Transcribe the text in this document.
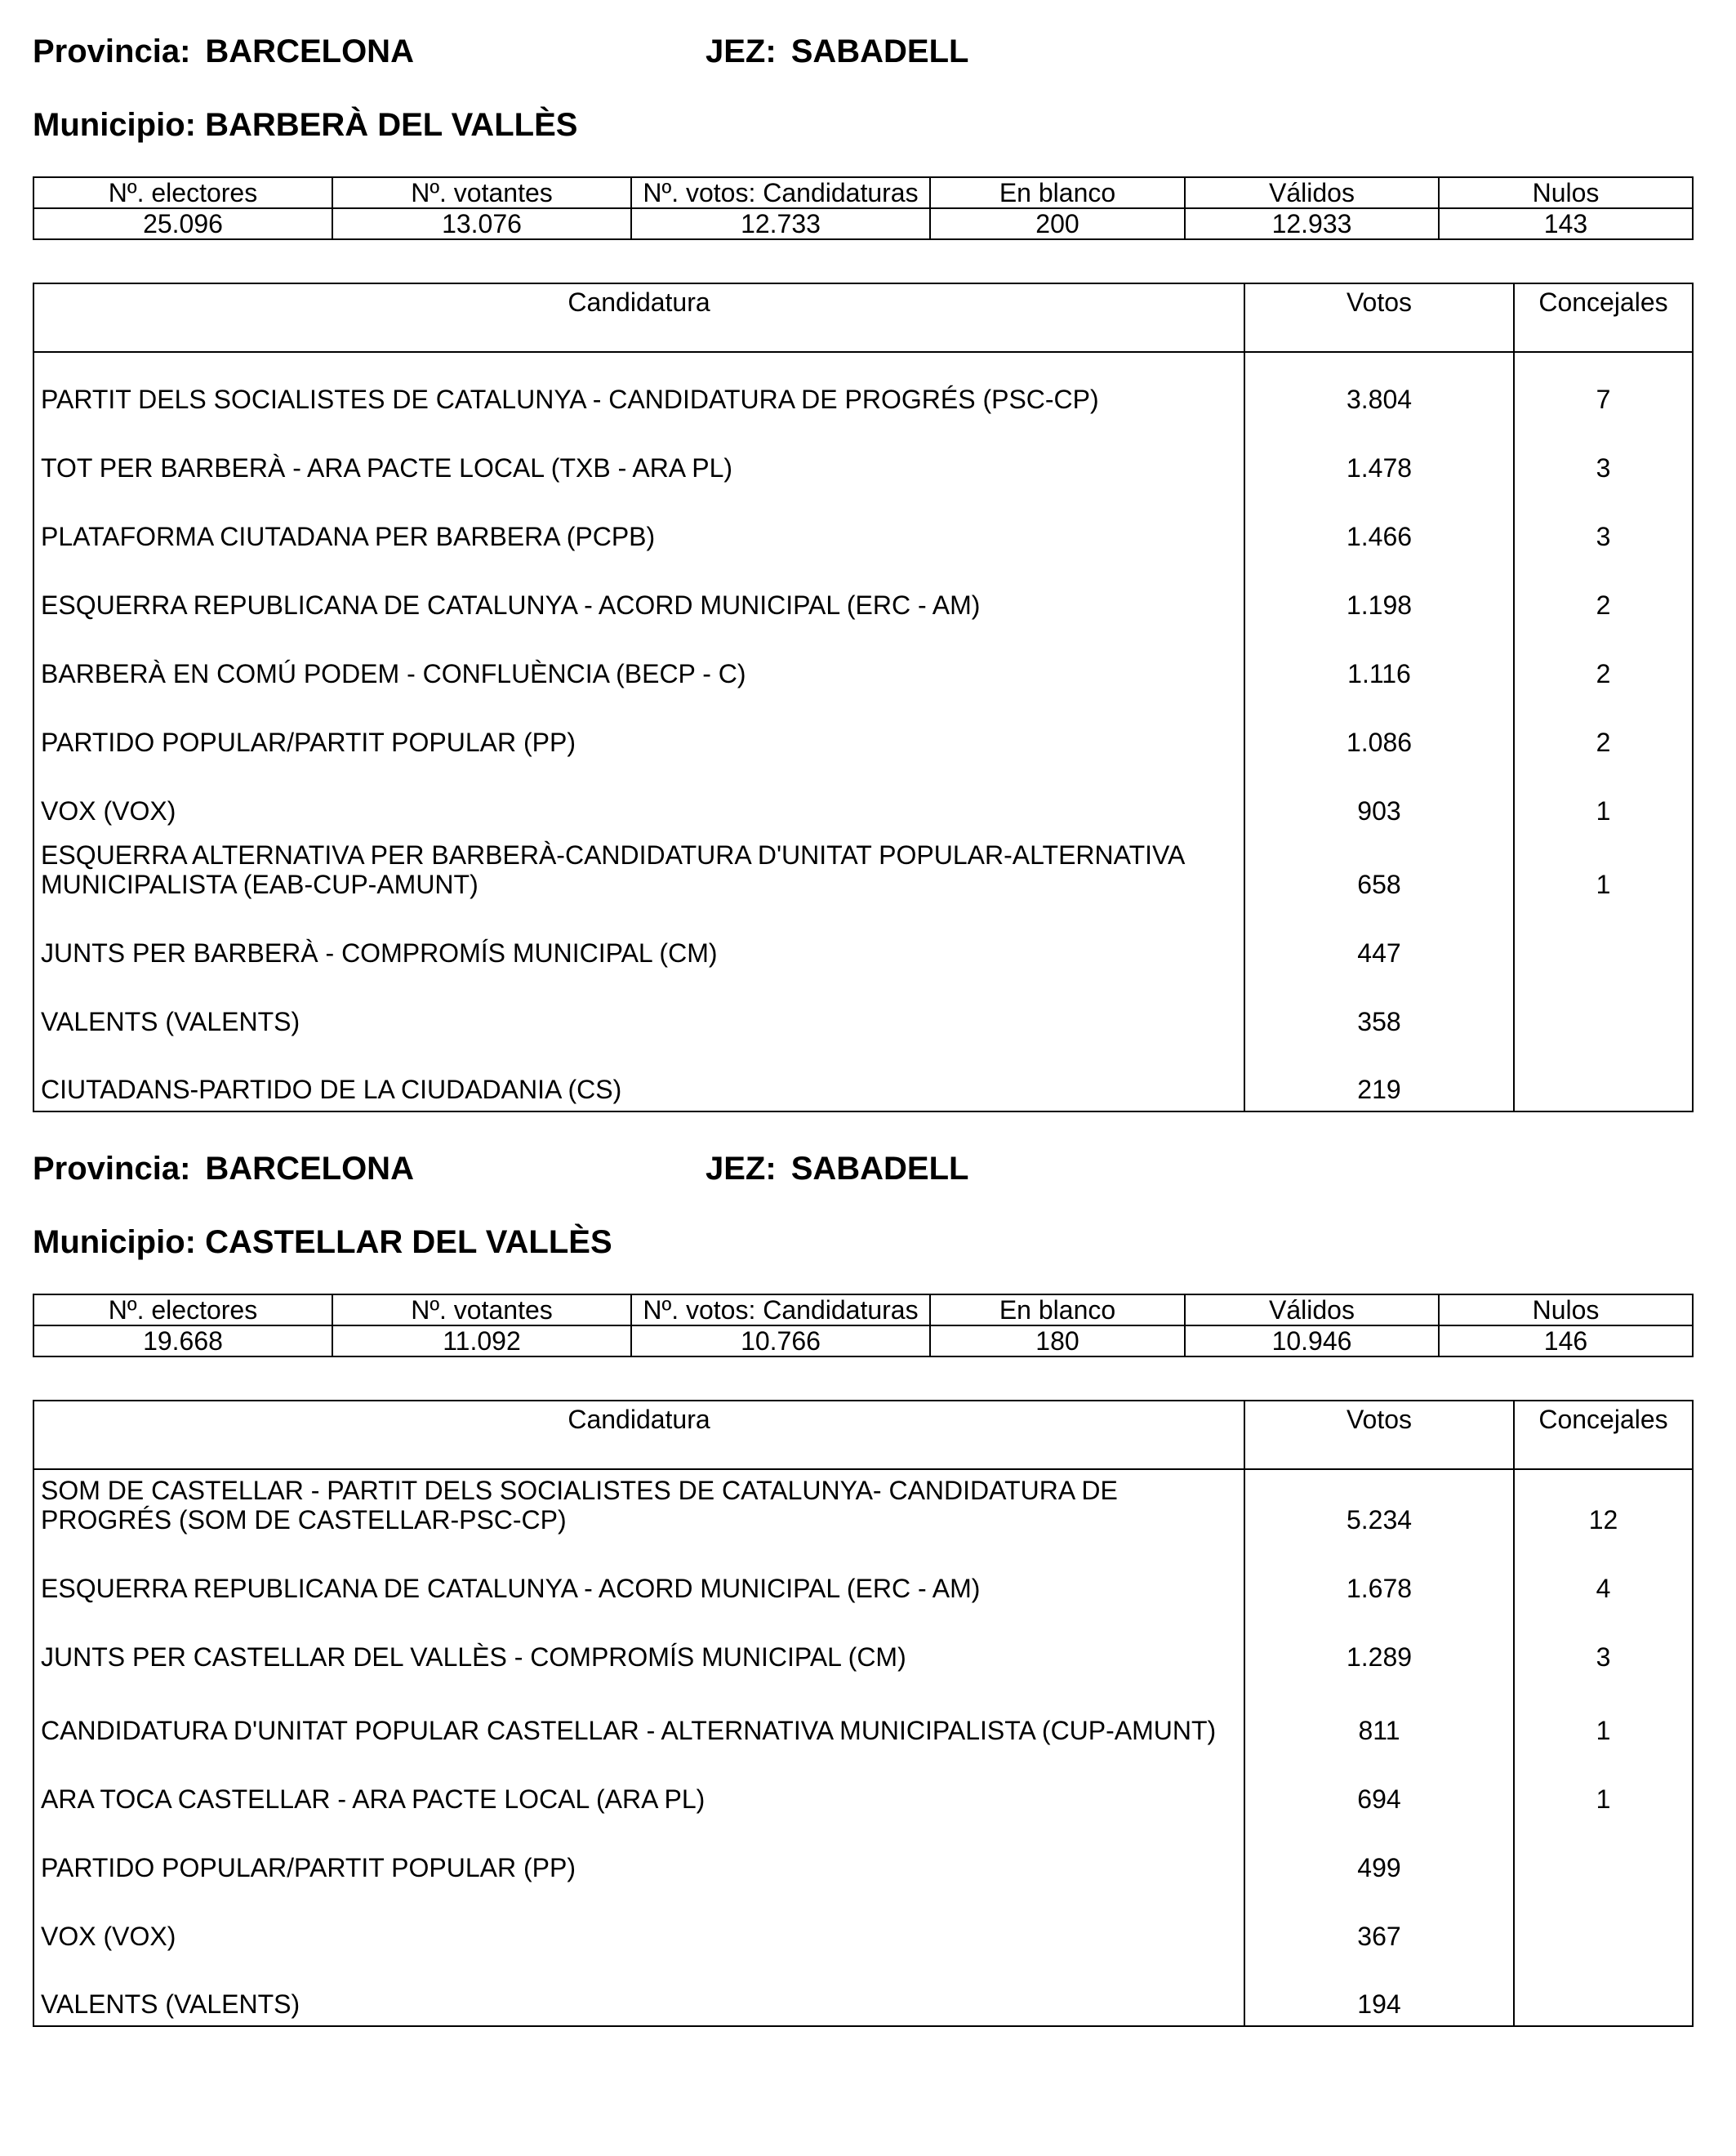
Provincia: BARCELONA	JEZ: SABADELL
Municipio: BARBERÀ DEL VALLÈS
Nº. electores	Nº. votantes	Nº. votos: Candidaturas	En blanco	Válidos	Nulos
25.096	13.076	12.733	200	12.933	143
Candidatura	Votos	Concejales
PARTIT DELS SOCIALISTES DE CATALUNYA - CANDIDATURA DE PROGRÉS (PSC-CP)	3.804	7
TOT PER BARBERÀ - ARA PACTE LOCAL (TXB - ARA PL)	1.478	3
PLATAFORMA CIUTADANA PER BARBERA (PCPB)	1.466	3
ESQUERRA REPUBLICANA DE CATALUNYA - ACORD MUNICIPAL (ERC - AM)	1.198	2
BARBERÀ EN COMÚ PODEM - CONFLUÈNCIA (BECP - C)	1.116	2
PARTIDO POPULAR/PARTIT POPULAR (PP)	1.086	2
VOX (VOX)	903	1
ESQUERRA ALTERNATIVA PER BARBERÀ-CANDIDATURA D'UNITAT POPULAR-ALTERNATIVA MUNICIPALISTA (EAB-CUP-AMUNT)	658	1
JUNTS PER BARBERÀ - COMPROMÍS MUNICIPAL (CM)	447	
VALENTS (VALENTS)	358	
CIUTADANS-PARTIDO DE LA CIUDADANIA (CS)	219	
Provincia: BARCELONA	JEZ: SABADELL
Municipio: CASTELLAR DEL VALLÈS
Nº. electores	Nº. votantes	Nº. votos: Candidaturas	En blanco	Válidos	Nulos
19.668	11.092	10.766	180	10.946	146
Candidatura	Votos	Concejales
SOM DE CASTELLAR - PARTIT DELS SOCIALISTES DE CATALUNYA- CANDIDATURA DE PROGRÉS (SOM DE CASTELLAR-PSC-CP)	5.234	12
ESQUERRA REPUBLICANA DE CATALUNYA - ACORD MUNICIPAL (ERC - AM)	1.678	4
JUNTS PER CASTELLAR DEL VALLÈS - COMPROMÍS MUNICIPAL (CM)	1.289	3
CANDIDATURA D'UNITAT POPULAR CASTELLAR - ALTERNATIVA MUNICIPALISTA (CUP-AMUNT)	811	1
ARA TOCA CASTELLAR - ARA PACTE LOCAL (ARA PL)	694	1
PARTIDO POPULAR/PARTIT POPULAR (PP)	499	
VOX (VOX)	367	
VALENTS (VALENTS)	194	
